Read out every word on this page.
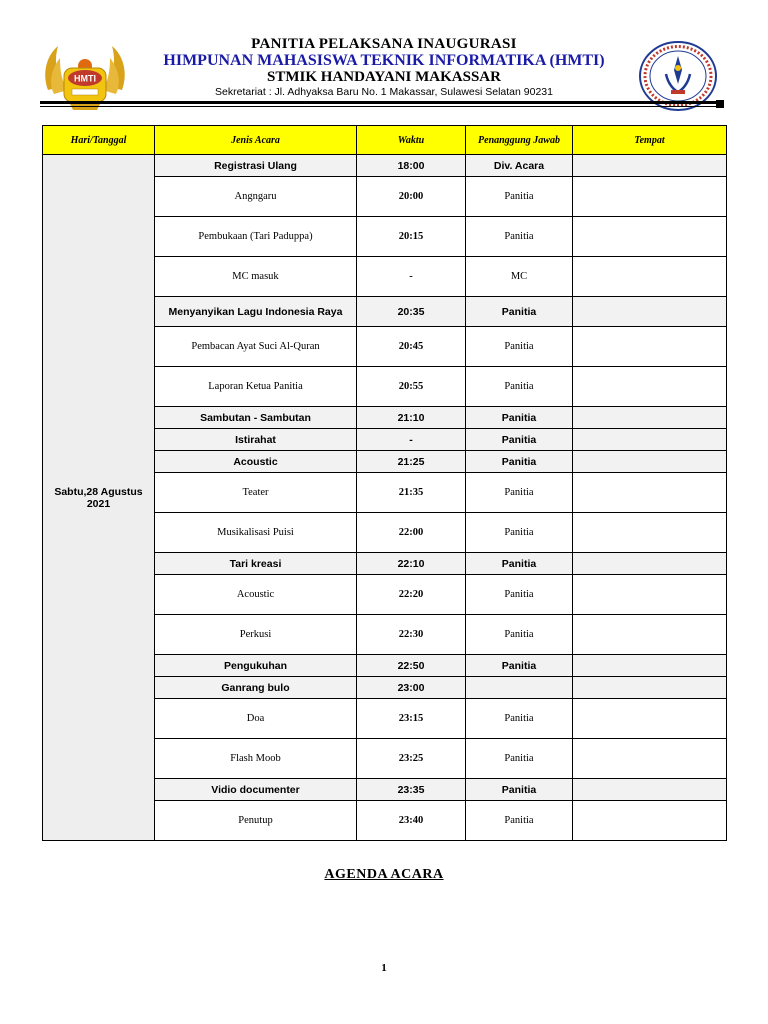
HMTI
PANITIA PELAKSANA INAUGURASI
HIMPUNAN MAHASISWA TEKNIK INFORMATIKA (HMTI)
STMIK HANDAYANI MAKASSAR
Sekretariat : Jl. Adhyaksa Baru No. 1 Makassar, Sulawesi Selatan 90231
Hari/Tanggal	Jenis Acara	Waktu	Penanggung Jawab	Tempat
Sabtu,28 Agustus 2021	Registrasi Ulang	18:00	Div. Acara	
	Angngaru	20:00	Panitia	
	Pembukaan (Tari Paduppa)	20:15	Panitia	
	MC masuk	-	MC	
	Menyanyikan Lagu Indonesia Raya	20:35	Panitia	
	Pembacan Ayat Suci Al-Quran	20:45	Panitia	
	Laporan Ketua Panitia	20:55	Panitia	
	Sambutan - Sambutan	21:10	Panitia	
	Istirahat	-	Panitia	
	Acoustic	21:25	Panitia	
	Teater	21:35	Panitia	
	Musikalisasi Puisi	22:00	Panitia	
	Tari kreasi	22:10	Panitia	
	Acoustic	22:20	Panitia	
	Perkusi	22:30	Panitia	
	Pengukuhan	22:50	Panitia	
	Ganrang bulo	23:00		
	Doa	23:15	Panitia	
	Flash Moob	23:25	Panitia	
	Vidio documenter	23:35	Panitia	
	Penutup	23:40	Panitia	
AGENDA ACARA
1
